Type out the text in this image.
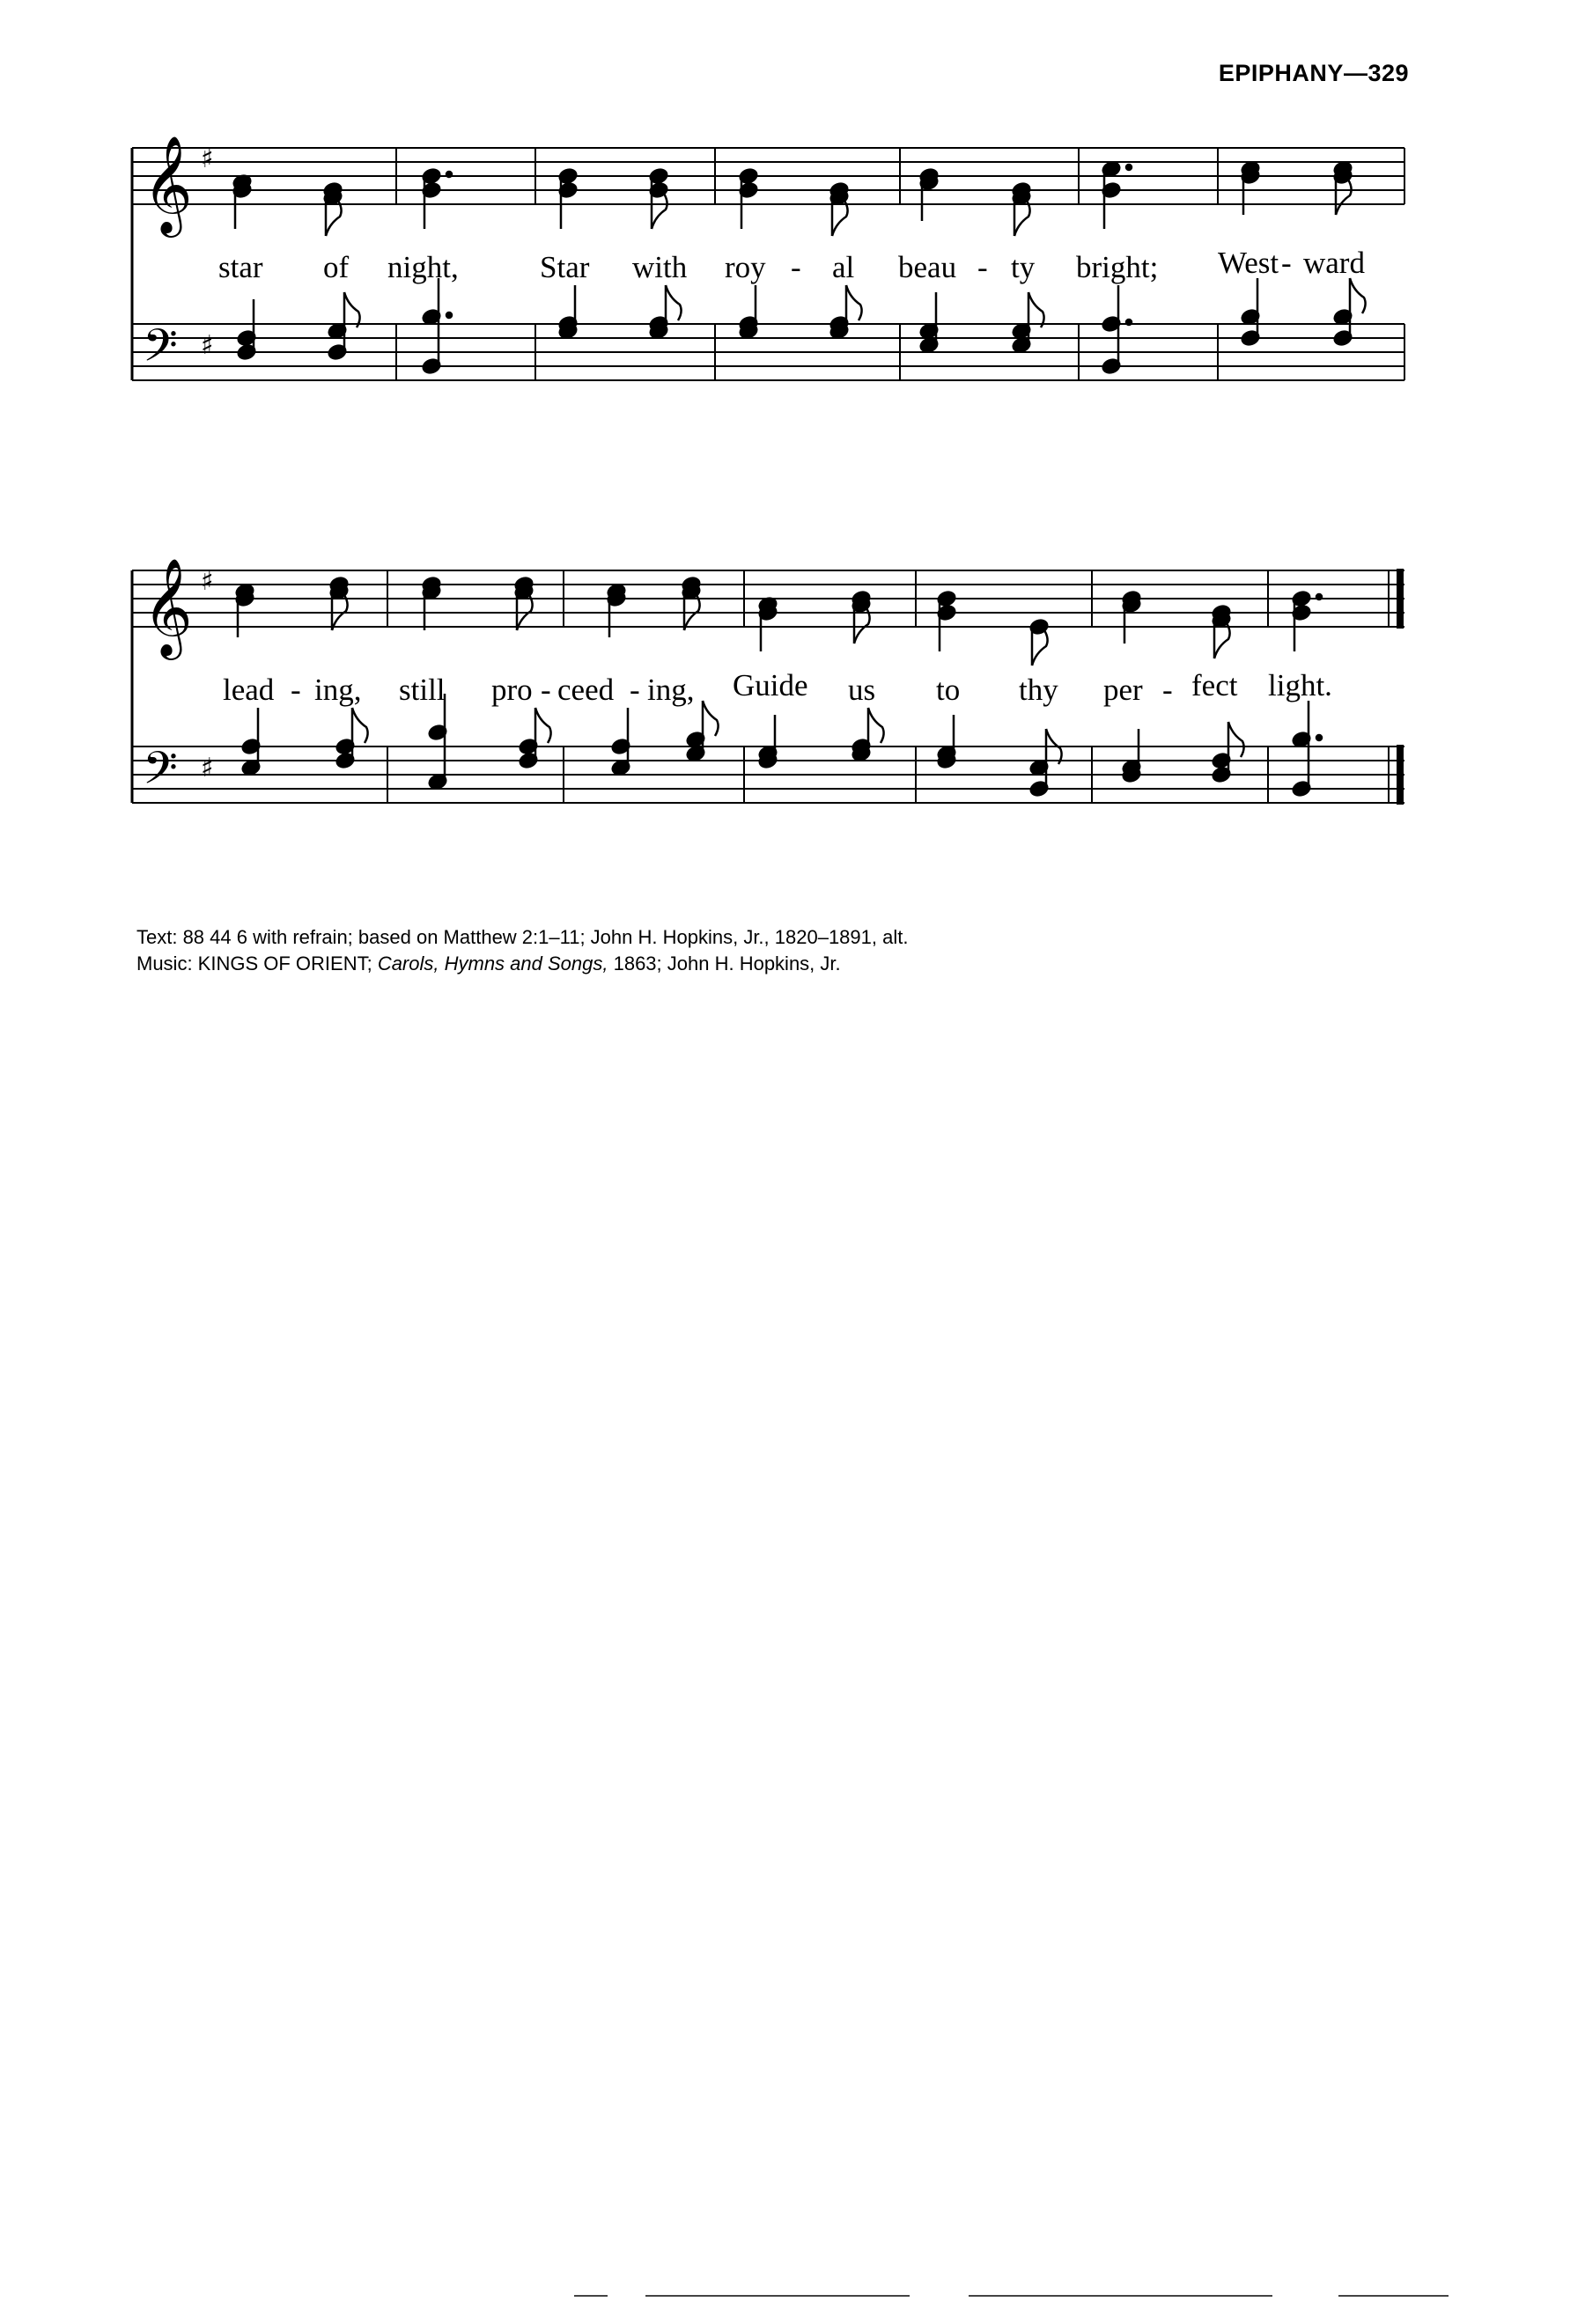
EPIPHANY—329
𝄞 ♯
𝄢 ♯
star of night,	Star with roy - al beau - ty bright; West - ward
𝄞 ♯
𝄢 ♯
lead - ing, still pro - ceed - ing, Guide us to thy per - fect light.
Text: 88 44 6 with refrain; based on Matthew 2:1–11; John H. Hopkins, Jr., 1820–1891, alt.
Music: KINGS OF ORIENT; Carols, Hymns and Songs, 1863; John H. Hopkins, Jr.
